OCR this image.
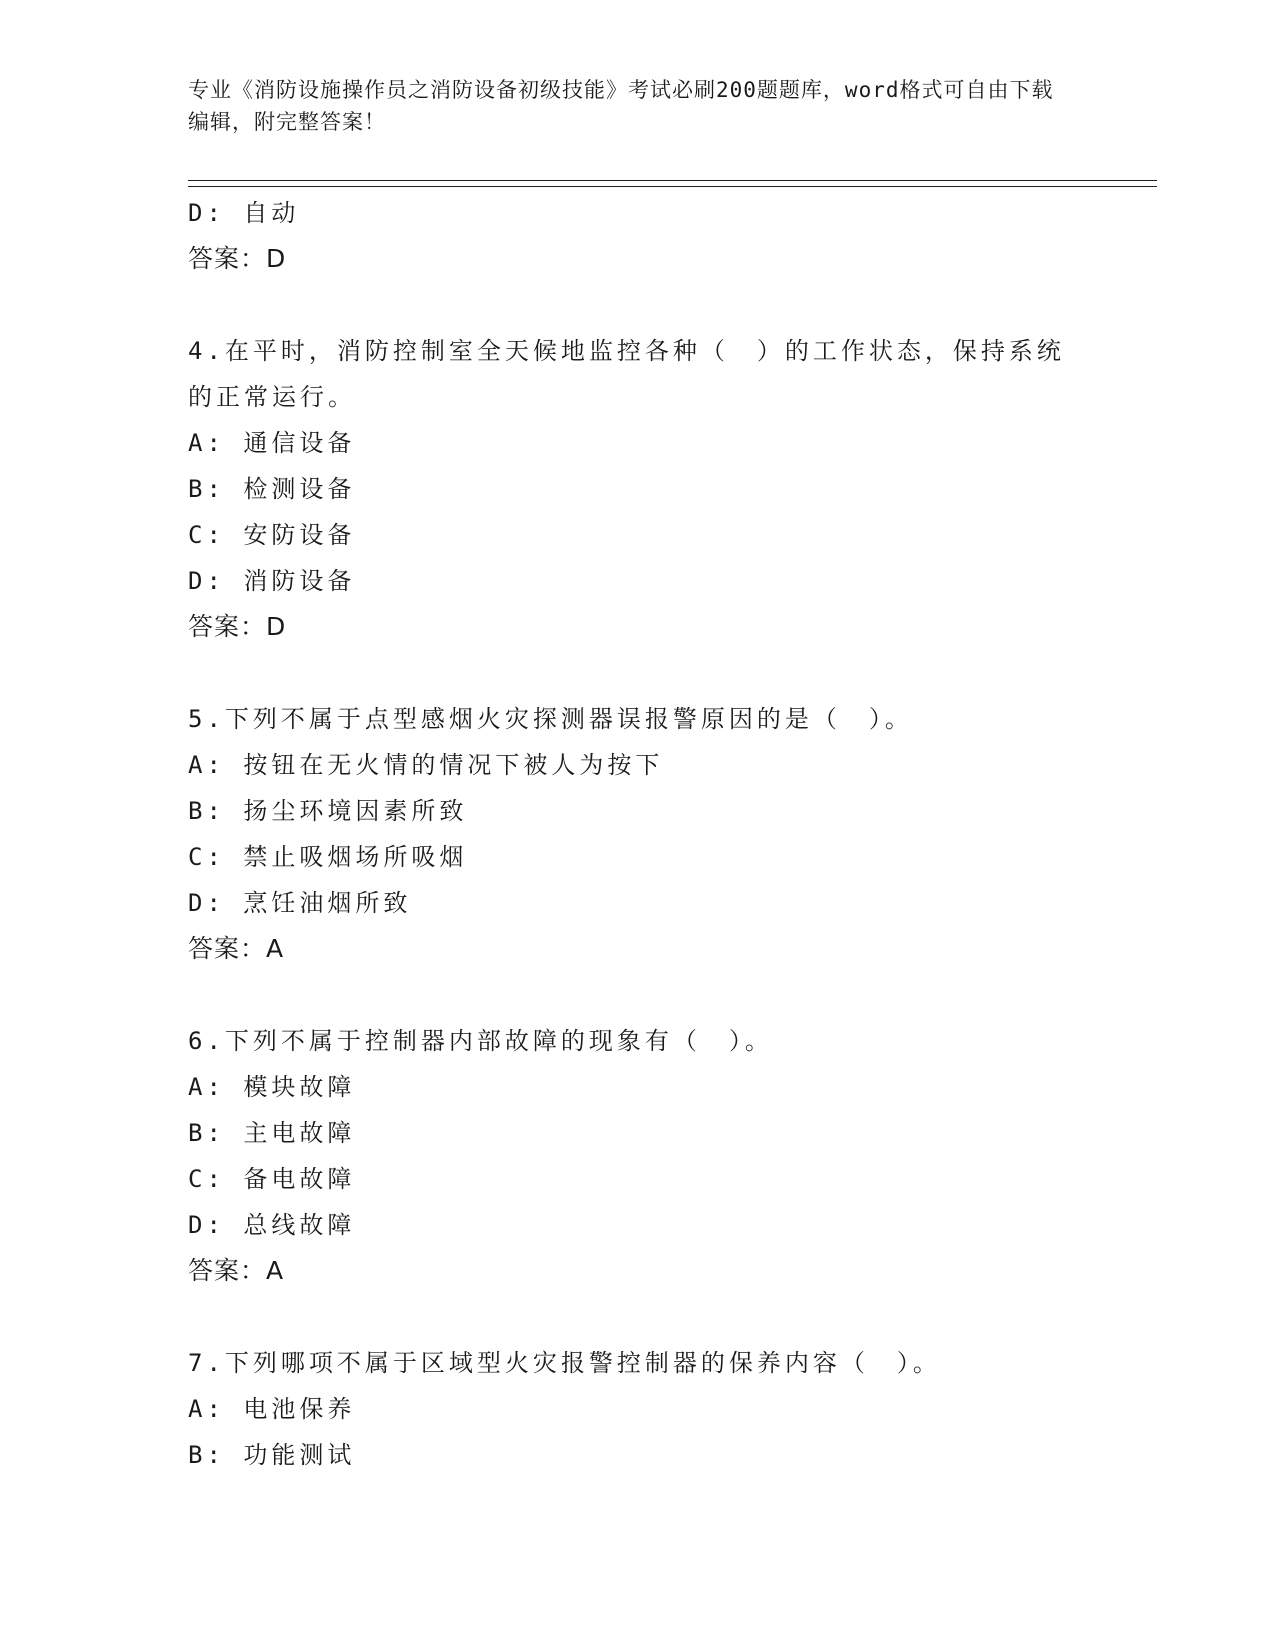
专业《消防设施操作员之消防设备初级技能》考试必刷200题题库，word格式可自由下载编辑，附完整答案！
D: 自动
答案：D
4.在平时，消防控制室全天候地监控各种（　）的工作状态，保持系统的正常运行。
A: 通信设备
B: 检测设备
C: 安防设备
D: 消防设备
答案：D
5.下列不属于点型感烟火灾探测器误报警原因的是（　）。
A: 按钮在无火情的情况下被人为按下
B: 扬尘环境因素所致
C: 禁止吸烟场所吸烟
D: 烹饪油烟所致
答案：A
6.下列不属于控制器内部故障的现象有（　）。
A: 模块故障
B: 主电故障
C: 备电故障
D: 总线故障
答案：A
7.下列哪项不属于区域型火灾报警控制器的保养内容（　）。
A: 电池保养
B: 功能测试
